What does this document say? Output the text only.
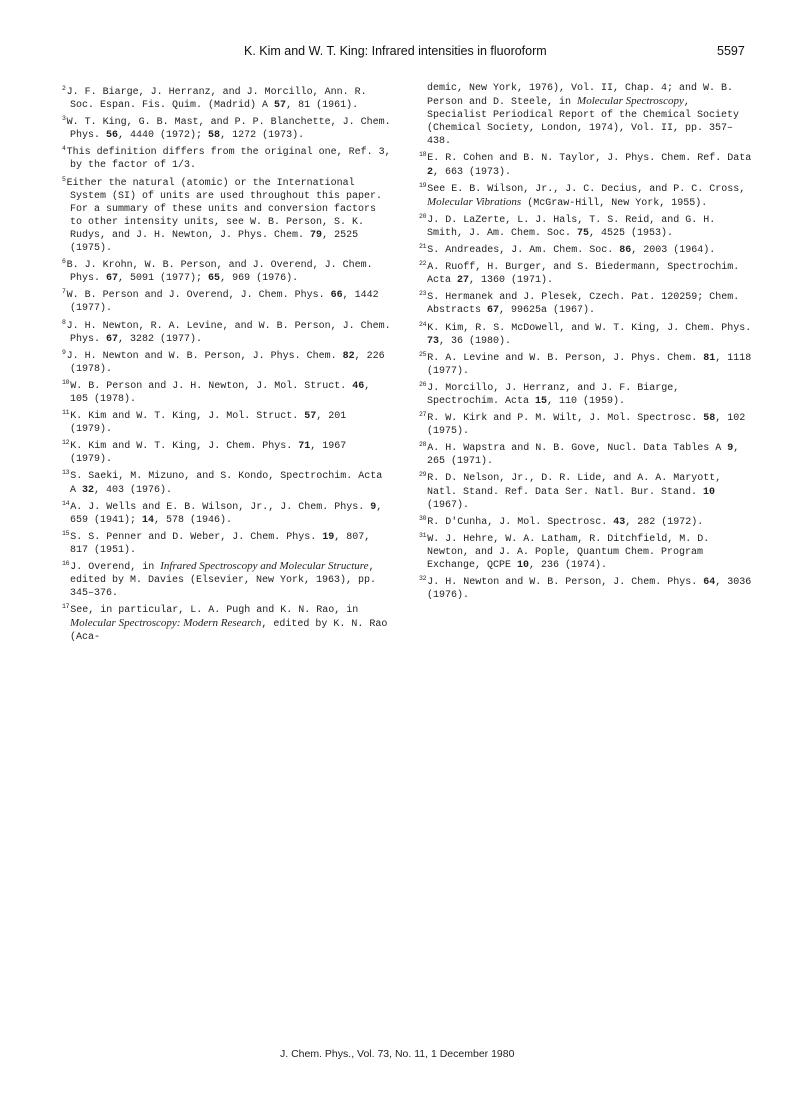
K. Kim and W. T. King: Infrared intensities in fluoroform	5597

$^2$J. F. Biarge, J. Herranz, and J. Morcillo, Ann. R. Soc. Espan. Fis. Quim. (Madrid) A 57, 81 (1961).

$^3$W. T. King, G. B. Mast, and P. P. Blanchette, J. Chem. Phys. 56, 4440 (1972); 58, 1272 (1973).

$^4$This definition differs from the original one, Ref. 3, by the factor of 1/3.

$^5$Either the natural (atomic) or the International System (SI) of units are used throughout this paper. For a summary of these units and conversion factors to other intensity units, see W. B. Person, S. K. Rudys, and J. H. Newton, J. Phys. Chem. 79, 2525 (1975).

$^6$B. J. Krohn, W. B. Person, and J. Overend, J. Chem. Phys. 67, 5091 (1977); 65, 969 (1976).

$^7$W. B. Person and J. Overend, J. Chem. Phys. 66, 1442 (1977).

$^8$J. H. Newton, R. A. Levine, and W. B. Person, J. Chem. Phys. 67, 3282 (1977).

$^9$J. H. Newton and W. B. Person, J. Phys. Chem. 82, 226 (1978).

$^{10}$W. B. Person and J. H. Newton, J. Mol. Struct. 46, 105 (1978).

$^{11}$K. Kim and W. T. King, J. Mol. Struct. 57, 201 (1979).

$^{12}$K. Kim and W. T. King, J. Chem. Phys. 71, 1967 (1979).

$^{13}$S. Saeki, M. Mizuno, and S. Kondo, Spectrochim. Acta A 32, 403 (1976).

$^{14}$A. J. Wells and E. B. Wilson, Jr., J. Chem. Phys. 9, 659 (1941); 14, 578 (1946).

$^{15}$S. S. Penner and D. Weber, J. Chem. Phys. 19, 807, 817 (1951).

$^{16}$J. Overend, in Infrared Spectroscopy and Molecular Structure, edited by M. Davies (Elsevier, New York, 1963), pp. 345–376.

$^{17}$See, in particular, L. A. Pugh and K. N. Rao, in Molecular Spectroscopy: Modern Research, edited by K. N. Rao (Aca-

demic, New York, 1976), Vol. II, Chap. 4; and W. B. Person and D. Steele, in Molecular Spectroscopy, Specialist Periodical Report of the Chemical Society (Chemical Society, London, 1974), Vol. II, pp. 357–438.

$^{18}$E. R. Cohen and B. N. Taylor, J. Phys. Chem. Ref. Data 2, 663 (1973).

$^{19}$See E. B. Wilson, Jr., J. C. Decius, and P. C. Cross, Molecular Vibrations (McGraw-Hill, New York, 1955).

$^{20}$J. D. LaZerte, L. J. Hals, T. S. Reid, and G. H. Smith, J. Am. Chem. Soc. 75, 4525 (1953).

$^{21}$S. Andreades, J. Am. Chem. Soc. 86, 2003 (1964).

$^{22}$A. Ruoff, H. Burger, and S. Biedermann, Spectrochim. Acta 27, 1360 (1971).

$^{23}$S. Hermanek and J. Plesek, Czech. Pat. 120259; Chem. Abstracts 67, 99625a (1967).

$^{24}$K. Kim, R. S. McDowell, and W. T. King, J. Chem. Phys. 73, 36 (1980).

$^{25}$R. A. Levine and W. B. Person, J. Phys. Chem. 81, 1118 (1977).

$^{26}$J. Morcillo, J. Herranz, and J. F. Biarge, Spectrochim. Acta 15, 110 (1959).

$^{27}$R. W. Kirk and P. M. Wilt, J. Mol. Spectrosc. 58, 102 (1975).

$^{28}$A. H. Wapstra and N. B. Gove, Nucl. Data Tables A 9, 265 (1971).

$^{29}$R. D. Nelson, Jr., D. R. Lide, and A. A. Maryott, Natl. Stand. Ref. Data Ser. Natl. Bur. Stand. 10 (1967).

$^{30}$R. D'Cunha, J. Mol. Spectrosc. 43, 282 (1972).

$^{31}$W. J. Hehre, W. A. Latham, R. Ditchfield, M. D. Newton, and J. A. Pople, Quantum Chem. Program Exchange, QCPE 10, 236 (1974).

$^{32}$J. H. Newton and W. B. Person, J. Chem. Phys. 64, 3036 (1976).

J. Chem. Phys., Vol. 73, No. 11, 1 December 1980
